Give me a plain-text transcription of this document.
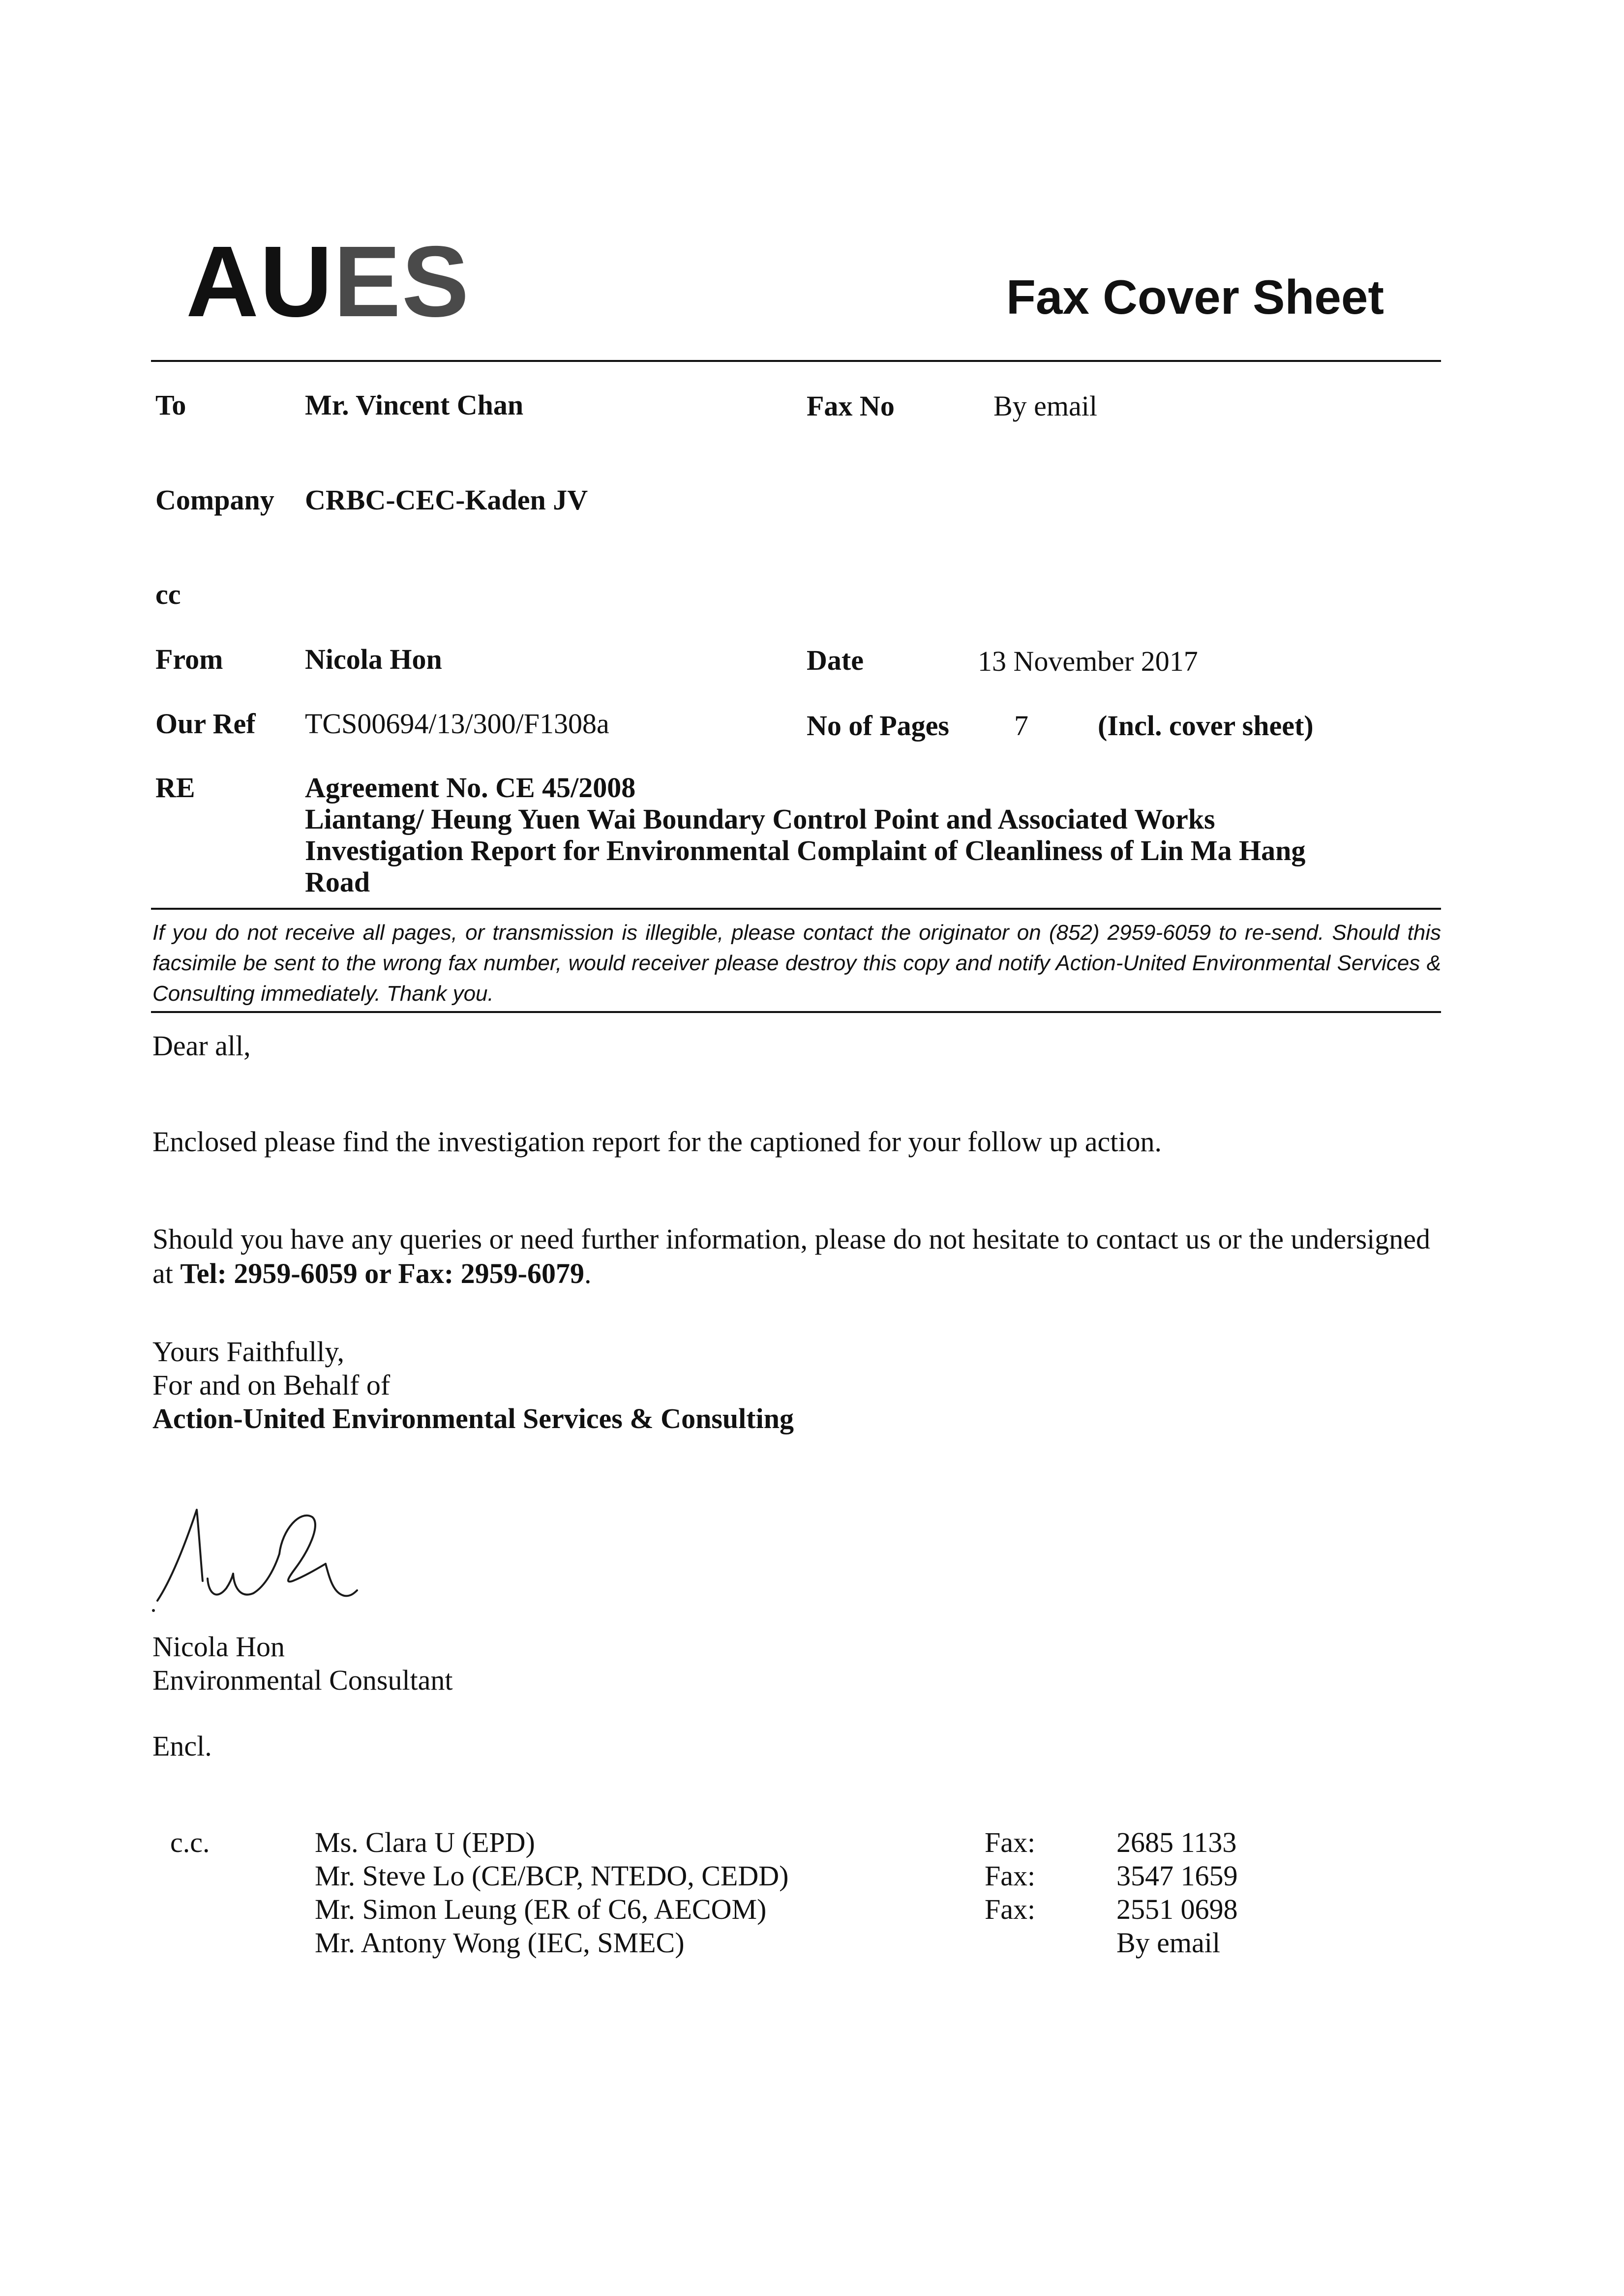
AUES	Fax Cover Sheet
To	Mr. Vincent Chan	Fax No	By email
Company CRBC-CEC-Kaden JV
cc
From	Nicola Hon	Date	13 November 2017
Our Ref TCS00694/13/300/F1308a	No of Pages 7 (Incl. cover sheet)
RE	Agreement No. CE 45/2008
Liantang/ Heung Yuen Wai Boundary Control Point and Associated Works
Investigation Report for Environmental Complaint of Cleanliness of Lin Ma Hang
Road
If you do not receive all pages, or transmission is illegible, please contact the originator on (852) 2959-6059 to re-send. Should this facsimile be sent to the wrong fax number, would receiver please destroy this copy and notify Action-United Environmental Services & Consulting immediately. Thank you.
Dear all,
Enclosed please find the investigation report for the captioned for your follow up action.
Should you have any queries or need further information, please do not hesitate to contact us or the undersigned at Tel: 2959-6059 or Fax: 2959-6079.
Yours Faithfully,
For and on Behalf of
Action-United Environmental Services & Consulting
Nicola Hon
Environmental Consultant
Encl.
c.c.	Ms. Clara U (EPD)	Fax:	2685 1133
Mr. Steve Lo (CE/BCP, NTEDO, CEDD)	Fax:	3547 1659
Mr. Simon Leung (ER of C6, AECOM)	Fax:	2551 0698
Mr. Antony Wong (IEC, SMEC)	By email
